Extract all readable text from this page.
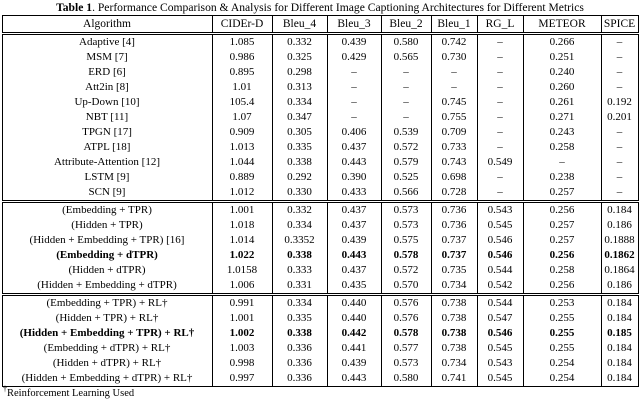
Table 1. Performance Comparison & Analysis for Different Image Captioning Architectures for Different Metrics
Algorithm	CIDEr-D	Bleu_4	Bleu_3	Bleu_2	Bleu_1	RG_L	METEOR	SPICE
Adaptive [4]	1.085	0.332	0.439	0.580	0.742	–	0.266	–
MSM [7]	0.986	0.325	0.429	0.565	0.730	–	0.251	–
ERD [6]	0.895	0.298	–	–	–	–	0.240	–
Att2in [8]	1.01	0.313	–	–	–	–	0.260	–
Up-Down [10]	105.4	0.334	–	–	0.745	–	0.261	0.192
NBT [11]	1.07	0.347	–	–	0.755	–	0.271	0.201
TPGN [17]	0.909	0.305	0.406	0.539	0.709	–	0.243	–
ATPL [18]	1.013	0.335	0.437	0.572	0.733	–	0.258	–
Attribute-Attention [12]	1.044	0.338	0.443	0.579	0.743	0.549	–	–
LSTM [9]	0.889	0.292	0.390	0.525	0.698	–	0.238	–
SCN [9]	1.012	0.330	0.433	0.566	0.728	–	0.257	–
(Embedding + TPR)	1.001	0.332	0.437	0.573	0.736	0.543	0.256	0.184
(Hidden + TPR)	1.018	0.334	0.437	0.573	0.736	0.545	0.257	0.186
(Hidden + Embedding + TPR) [16]	1.014	0.3352	0.439	0.575	0.737	0.546	0.257	0.1888
(Embedding + dTPR)	1.022	0.338	0.443	0.578	0.737	0.546	0.256	0.1862
(Hidden + dTPR)	1.0158	0.333	0.437	0.572	0.735	0.544	0.258	0.1864
(Hidden + Embedding + dTPR)	1.006	0.331	0.435	0.570	0.734	0.542	0.256	0.186
(Embedding + TPR) + RL†	0.991	0.334	0.440	0.576	0.738	0.544	0.253	0.184
(Hidden + TPR) + RL†	1.001	0.335	0.440	0.576	0.738	0.547	0.255	0.184
(Hidden + Embedding + TPR) + RL†	1.002	0.338	0.442	0.578	0.738	0.546	0.255	0.185
(Embedding + dTPR) + RL†	1.003	0.336	0.441	0.577	0.738	0.545	0.255	0.184
(Hidden + dTPR) + RL†	0.998	0.336	0.439	0.573	0.734	0.543	0.254	0.184
(Hidden + Embedding + dTPR) + RL†	0.997	0.336	0.443	0.580	0.741	0.545	0.254	0.184
†Reinforcement Learning Used
